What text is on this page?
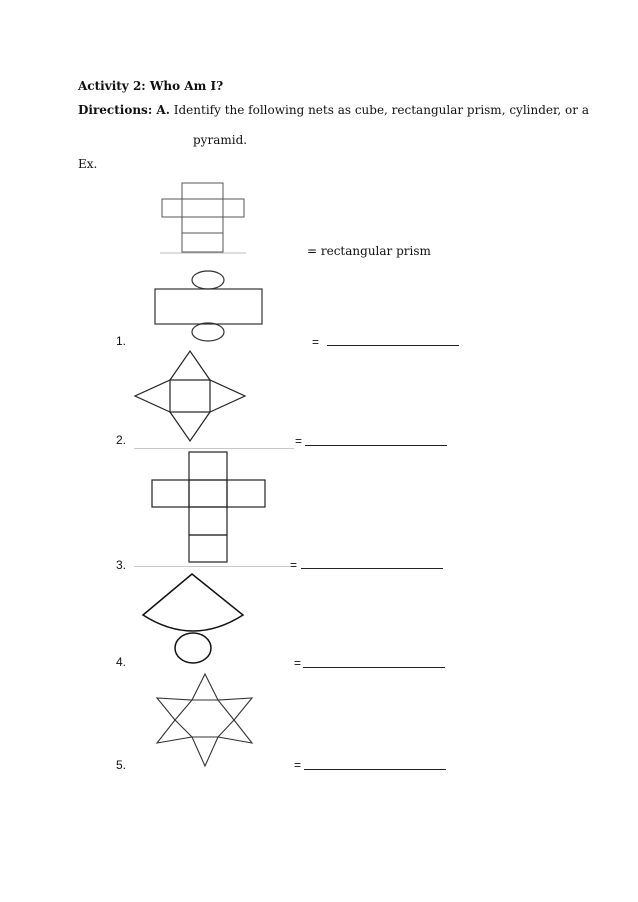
Activity 2: Who Am I?
Directions: A. Identify the following nets as cube, rectangular prism, cylinder, or a
pyramid.
Ex.
= rectangular prism
1.	=
2.	=
3.	=
4.	=
5.	=
